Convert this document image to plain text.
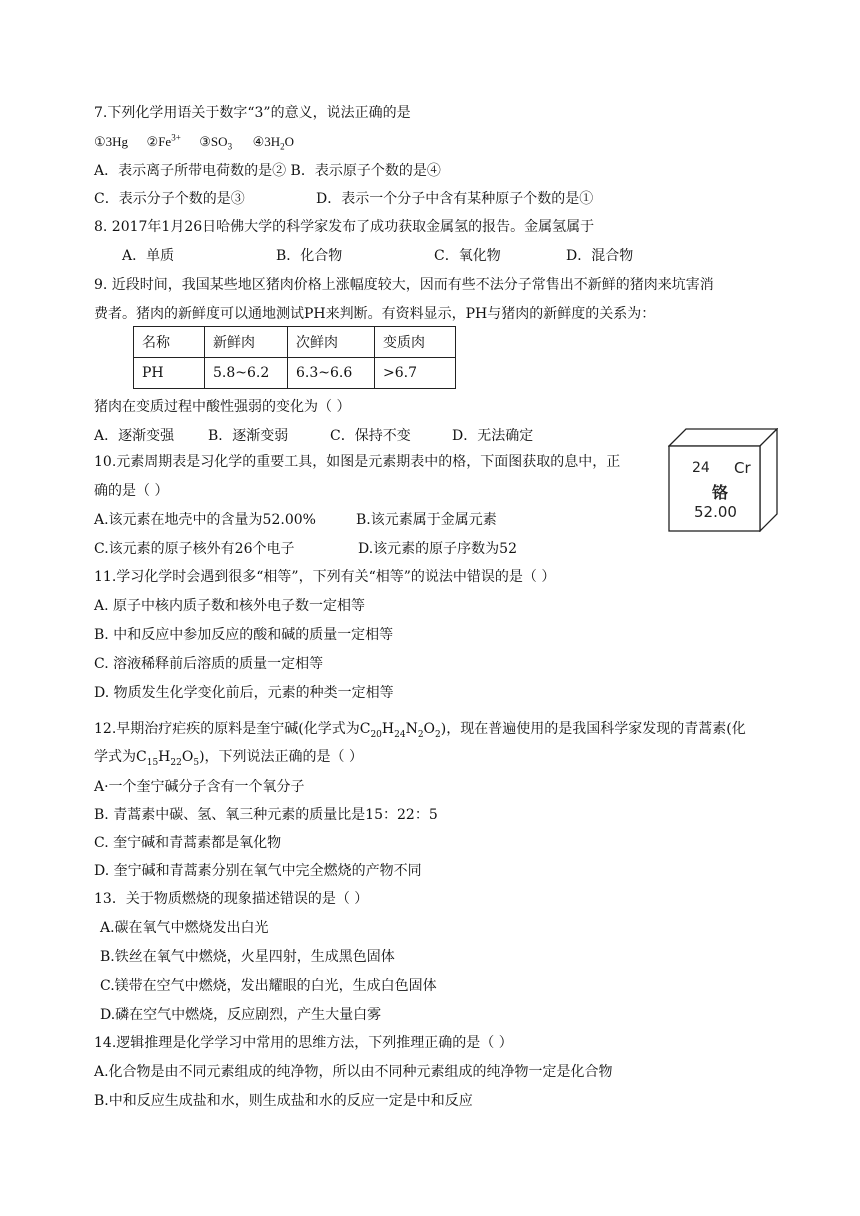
7.下列化学用语关于数字“3”的意义，说法正确的是
①3Hg $②Fe^{3+}$ $③SO_3$ $④3H_2O$
A．表示离子所带电荷数的是② B．表示原子个数的是④
C．表示分子个数的是③	D．表示一个分子中含有某种原子个数的是①
8. 2017年1月26日哈佛大学的科学家发布了成功获取金属氢的报告。金属氢属于
A．单质	B．化合物	C．氧化物	D．混合物
9. 近段时间，我国某些地区猪肉价格上涨幅度较大，因而有些不法分子常售出不新鲜的猪肉来坑害消
费者。猪肉的新鲜度可以通地测试PH来判断。有资料显示，PH与猪肉的新鲜度的关系为：
名称	新鲜肉	次鲜肉	变质肉
PH	5.8~6.2	6.3~6.6	>6.7
猪肉在变质过程中酸性强弱的变化为（ ）
A．逐渐变强 B．逐渐变弱	C．保持不变	D．无法确定
24 Cr
铬
52.00
10.元素周期表是习化学的重要工具，如图是元素期表中的格，下面图获取的息中，正
确的是（ ）
A.该元素在地壳中的含量为52.00%	B.该元素属于金属元素
C.该元素的原子核外有26个电子	D.该元素的原子序数为52
11.学习化学时会遇到很多“相等”，下列有关“相等”的说法中错误的是（ ）
A. 原子中核内质子数和核外电子数一定相等
B. 中和反应中参加反应的酸和碱的质量一定相等
C. 溶液稀释前后溶质的质量一定相等
D. 物质发生化学变化前后，元素的种类一定相等
12.早期治疗疟疾的原料是奎宁碱(化学式为$C_{20}H_{24}N_2O_2$)，现在普遍使用的是我国科学家发现的青蒿素(化
学式为$C_{15}H_{22}O_5$)，下列说法正确的是（ ）
A·一个奎宁碱分子含有一个氧分子
B. 青蒿素中碳、氢、氧三种元素的质量比是15：22：5
C. 奎宁碱和青蒿素都是氧化物
D. 奎宁碱和青蒿素分别在氧气中完全燃烧的产物不同
13．关于物质燃烧的现象描述错误的是（ ）
A.碳在氧气中燃烧发出白光
B.铁丝在氧气中燃烧，火星四射，生成黑色固体
C.镁带在空气中燃烧，发出耀眼的白光，生成白色固体
D.磷在空气中燃烧，反应剧烈，产生大量白雾
14.逻辑推理是化学学习中常用的思维方法，下列推理正确的是（ ）
A.化合物是由不同元素组成的纯净物，所以由不同种元素组成的纯净物一定是化合物
B.中和反应生成盐和水，则生成盐和水的反应一定是中和反应
